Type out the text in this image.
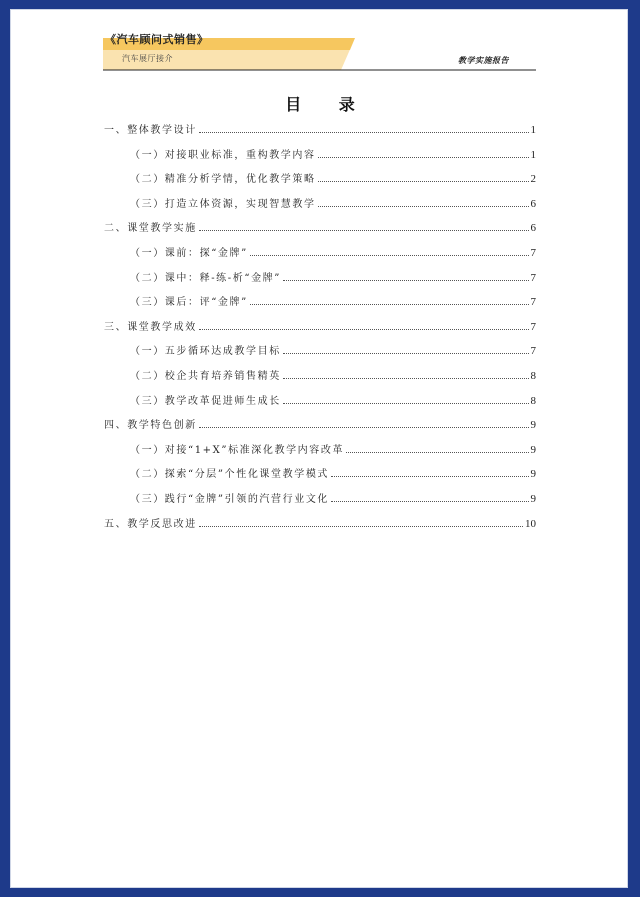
《汽车顾问式销售》
汽车展厅接介	教学实施报告
目 录
一、整体教学设计	1
（一）对接职业标准，重构教学内容	1
（二）精准分析学情，优化教学策略	2
（三）打造立体资源，实现智慧教学	6
二、课堂教学实施	6
（一）课前：探“金牌”	7
（二）课中：释-练-析“金牌”	7
（三）课后：评“金牌”	7
三、课堂教学成效	7
（一）五步循环达成教学目标	7
（二）校企共育培养销售精英	8
（三）教学改革促进师生成长	8
四、教学特色创新	9
（一）对接“1+X”标准深化教学内容改革	9
（二）探索“分层”个性化课堂教学模式	9
（三）践行“金牌”引领的汽营行业文化	9
五、教学反思改进	10
